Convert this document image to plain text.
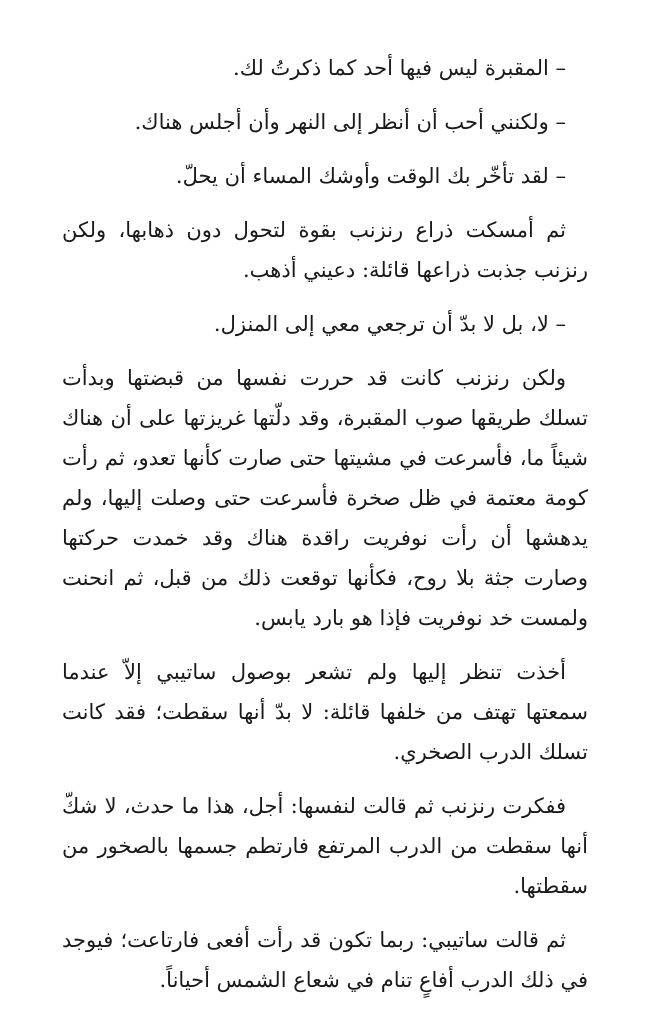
– المقبرة ليس فيها أحد كما ذكرتُ لك.

– ولكنني أحب أن أنظر إلى النهر وأن أجلس هناك.

– لقد تأخّر بك الوقت وأوشك المساء أن يحلّ.

ثم أمسكت ذراع رنزنب بقوة لتحول دون ذهابها، ولكن رنزنب جذبت ذراعها قائلة: دعيني أذهب.

– لا، بل لا بدّ أن ترجعي معي إلى المنزل.

ولكن رنزنب كانت قد حررت نفسها من قبضتها وبدأت تسلك طريقها صوب المقبرة، وقد دلّتها غريزتها على أن هناك شيئاً ما، فأسرعت في مشيتها حتى صارت كأنها تعدو، ثم رأت كومة معتمة في ظل صخرة فأسرعت حتى وصلت إليها، ولم يدهشها أن رأت نوفريت راقدة هناك وقد خمدت حركتها وصارت جثة بلا روح، فكأنها توقعت ذلك من قبل، ثم انحنت ولمست خد نوفريت فإذا هو بارد يابس.

أخذت تنظر إليها ولم تشعر بوصول ساتيبي إلاّ عندما سمعتها تهتف من خلفها قائلة: لا بدّ أنها سقطت؛ فقد كانت تسلك الدرب الصخري.

ففكرت رنزنب ثم قالت لنفسها: أجل، هذا ما حدث، لا شكّ أنها سقطت من الدرب المرتفع فارتطم جسمها بالصخور من سقطتها.

ثم قالت ساتيبي: ربما تكون قد رأت أفعى فارتاعت؛ فيوجد في ذلك الدرب أفاعٍ تنام في شعاع الشمس أحياناً.
